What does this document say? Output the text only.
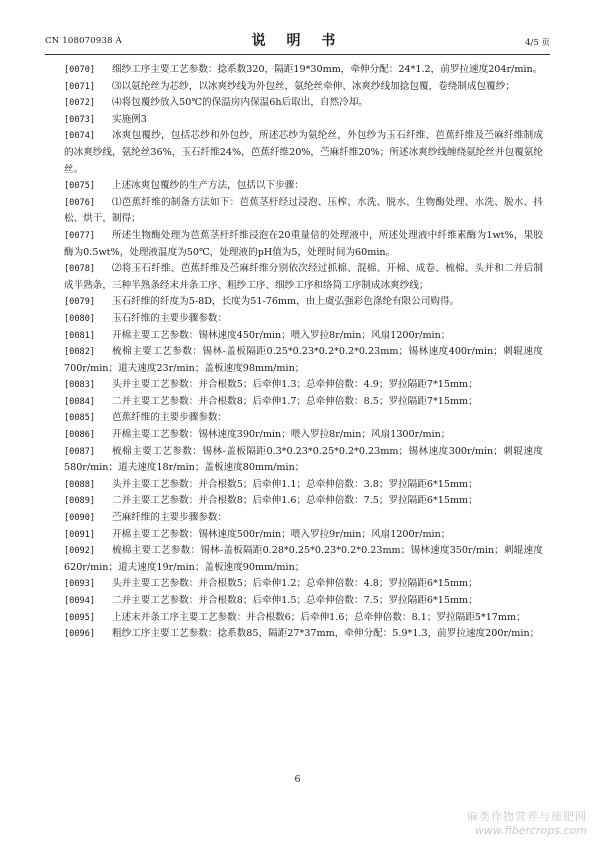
CN 108070938 A	说 明 书	4/5 页
[0070]	细纱工序主要工艺参数：捻系数320，隔距19*30mm，牵伸分配：24*1.2，前罗拉速度204r/min。
[0071]	⑶以氨纶丝为芯纱，以冰爽纱线为外包丝，氨纶丝牵伸、冰爽纱线加捻包覆，卷绕制成包覆纱；
[0072]	⑷将包覆纱放入50℃的保温房内保温6h后取出，自然冷却。
[0073]	实施例3
[0074]	冰爽包覆纱，包括芯纱和外包纱，所述芯纱为氨纶丝，外包纱为玉石纤维、芭蕉纤维及苎麻纤维制成的冰爽纱线，氨纶丝36%，玉石纤维24%，芭蕉纤维20%，苎麻纤维20%；所述冰爽纱线缠绕氨纶丝并包覆氨纶丝。
[0075]	上述冰爽包覆纱的生产方法，包括以下步骤：
[0076]	⑴芭蕉纤维的制备方法如下：芭蕉茎杆经过浸泡、压榨、水洗、脱水、生物酶处理、水洗、脱水、抖松、烘干，制得；
[0077]	所述生物酶处理为芭蕉茎杆纤维浸泡在20重量倍的处理液中，所述处理液中纤维素酶为1wt%，果胶酶为0.5wt%，处理液温度为50℃，处理液的pH值为5，处理时间为60min。
[0078]	⑵将玉石纤维、芭蕉纤维及苎麻纤维分别依次经过抓棉、混棉、开棉、成卷、梳棉、头并和二并后制成半熟条，三种半熟条经末并条工序、粗纱工序、细纱工序和络筒工序制成冰爽纱线；
[0079]	玉石纤维的纤度为5-8D，长度为51-76mm，由上虞弘强彩色涤纶有限公司购得。
[0080]	玉石纤维的主要步骤参数：
[0081]	开棉主要工艺参数：锡林速度450r/min；喂入罗拉8r/min；风扇1200r/min；
[0082]	梳棉主要工艺参数：锡林-盖板隔距0.25*0.23*0.2*0.2*0.23mm；锡林速度400r/min；刺辊速度700r/min；道夫速度23r/min；盖板速度98mm/min；
[0083]	头并主要工艺参数：并合根数5；后牵伸1.3；总牵伸倍数：4.9；罗拉隔距7*15mm；
[0084]	二并主要工艺参数：并合根数8；后牵伸1.7；总牵伸倍数：8.5；罗拉隔距7*15mm；
[0085]	芭蕉纤维的主要步骤参数：
[0086]	开棉主要工艺参数：锡林速度390r/min；喂入罗拉8r/min；风扇1300r/min；
[0087]	梳棉主要工艺参数：锡林-盖板隔距0.3*0.23*0.25*0.2*0.23mm；锡林速度300r/min；刺辊速度580r/min；道夫速度18r/min；盖板速度80mm/min；
[0088]	头并主要工艺参数：并合根数5；后牵伸1.1；总牵伸倍数：3.8；罗拉隔距6*15mm；
[0089]	二并主要工艺参数：并合根数8；后牵伸1.6；总牵伸倍数：7.5；罗拉隔距6*15mm；
[0090]	苎麻纤维的主要步骤参数：
[0091]	开棉主要工艺参数：锡林速度500r/min；喂入罗拉9r/min；风扇1200r/min；
[0092]	梳棉主要工艺参数：锡林-盖板隔距0.28*0.25*0.23*0.2*0.23mm；锡林速度350r/min；刺辊速度620r/min；道夫速度19r/min；盖板速度90mm/min；
[0093]	头并主要工艺参数：并合根数5；后牵伸1.2；总牵伸倍数：4.8；罗拉隔距6*15mm；
[0094]	二并主要工艺参数：并合根数8；后牵伸1.5；总牵伸倍数：7.5；罗拉隔距6*15mm；
[0095]	上述末并条工序主要工艺参数：并合根数6；后牵伸1.6；总牵伸倍数：8.1；罗拉隔距5*17mm；
[0096]	粗纱工序主要工艺参数：捻系数85，隔距27*37mm，牵伸分配：5.9*1.3，前罗拉速度200r/min；
6
麻类作物营养与施肥网
www.fibercrops.com
